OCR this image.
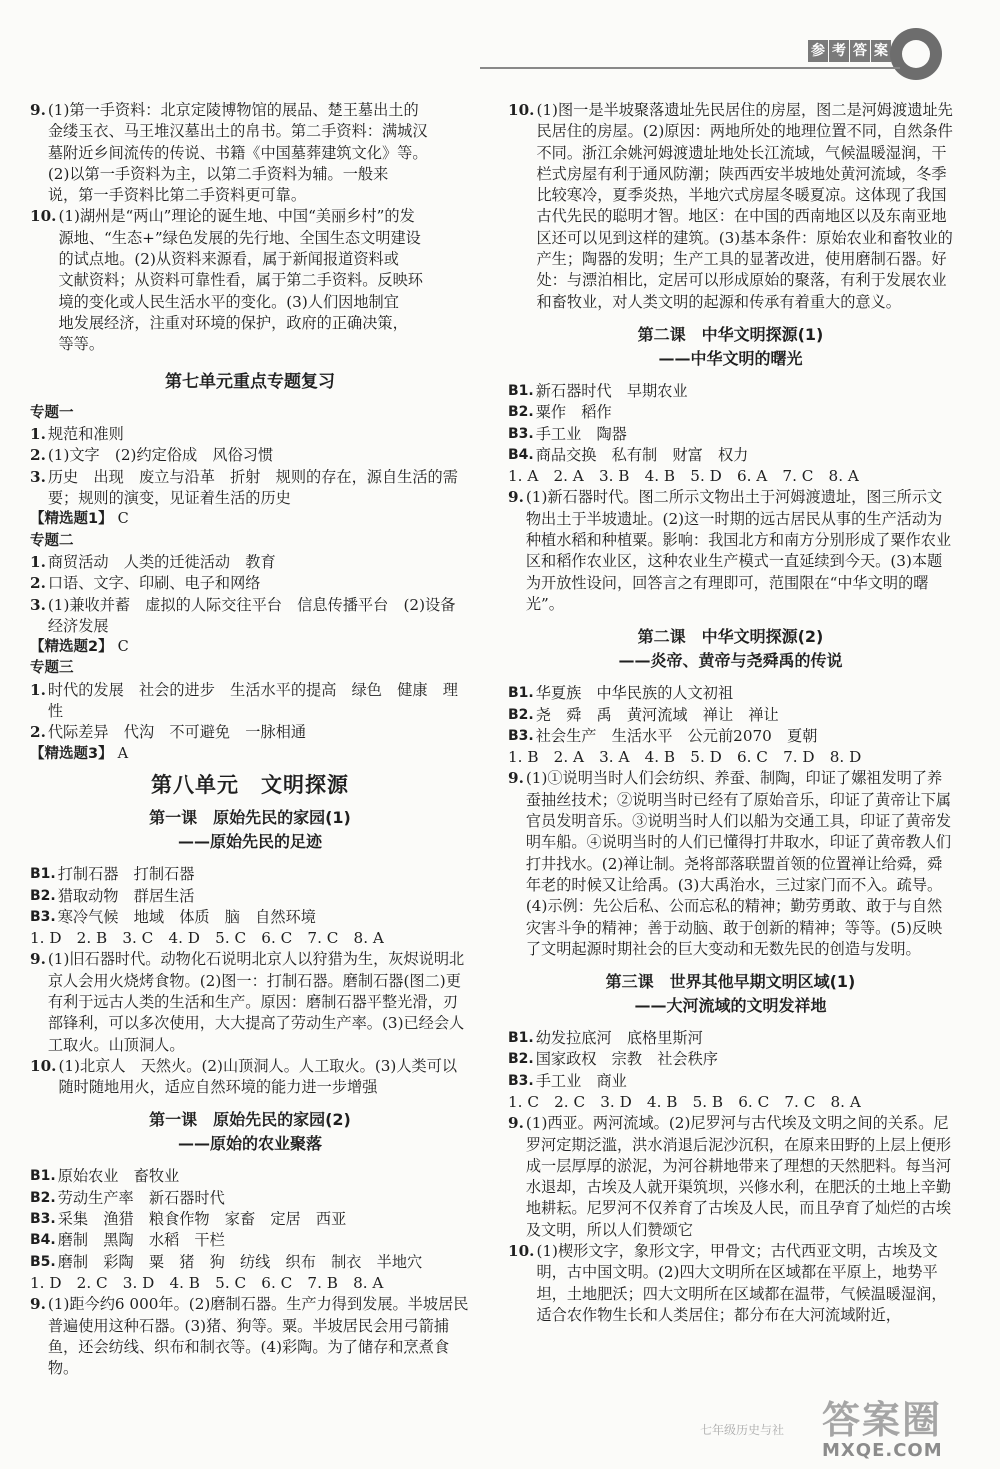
参 考 答 案
9. (1)第一手资料：北京定陵博物馆的展品、楚王墓出土的
金缕玉衣、马王堆汉墓出土的帛书。第二手资料：满城汉
墓附近乡间流传的传说、书籍《中国墓葬建筑文化》等。
(2)以第一手资料为主，以第二手资料为辅。一般来
说，第一手资料比第二手资料更可靠。
10. (1)湖州是“两山”理论的诞生地、中国“美丽乡村”的发
源地、“生态+”绿色发展的先行地、全国生态文明建设
的试点地。(2)从资料来源看，属于新闻报道资料或
文献资料；从资料可靠性看，属于第二手资料。反映环
境的变化或人民生活水平的变化。(3)人们因地制宜
地发展经济，注重对环境的保护，政府的正确决策，
等等。
第七单元重点专题复习
专题一
1. 规范和准则
2. (1)文字　(2)约定俗成　风俗习惯
3. 历史　出现　废立与沿革　折射　规则的存在，源自生活的需要；规则的演变，见证着生活的历史
【精选题1】 C
专题二
1. 商贸活动　人类的迁徙活动　教育
2. 口语、文字、印刷、电子和网络
3. (1)兼收并蓄　虚拟的人际交往平台　信息传播平台　(2)设备　经济发展
【精选题2】 C
专题三
1. 时代的发展　社会的进步　生活水平的提高　绿色　健康　理性
2. 代际差异　代沟　不可避免　一脉相通
【精选题3】 A
第八单元　文明探源
第一课　原始先民的家园(1)
——原始先民的足迹
B1. 打制石器　打制石器
B2. 猎取动物　群居生活
B3. 寒冷气候　地域　体质　脑　自然环境
1. D　2. B　3. C　4. D　5. C　6. C　7. C　8. A
9. (1)旧石器时代。动物化石说明北京人以狩猎为生，灰烬说明北京人会用火烧烤食物。(2)图一：打制石器。磨制石器(图二)更有利于远古人类的生活和生产。原因：磨制石器平整光滑，刃部锋利，可以多次使用，大大提高了劳动生产率。(3)已经会人工取火。山顶洞人。
10. (1)北京人　天然火。(2)山顶洞人。人工取火。(3)人类可以随时随地用火，适应自然环境的能力进一步增强
第一课　原始先民的家园(2)
——原始的农业聚落
B1. 原始农业　畜牧业
B2. 劳动生产率　新石器时代
B3. 采集　渔猎　粮食作物　家畜　定居　西亚
B4. 磨制　黑陶　水稻　干栏
B5. 磨制　彩陶　粟　猪　狗　纺线　织布　制衣　半地穴
1. D　2. C　3. D　4. B　5. C　6. C　7. B　8. A
9. (1)距今约6 000年。(2)磨制石器。生产力得到发展。半坡居民普遍使用这种石器。(3)猪、狗等。粟。半坡居民会用弓箭捕鱼，还会纺线、织布和制衣等。(4)彩陶。为了储存和烹煮食物。
10. (1)图一是半坡聚落遗址先民居住的房屋，图二是河姆渡遗址先民居住的房屋。(2)原因：两地所处的地理位置不同，自然条件不同。浙江余姚河姆渡遗址地处长江流域，气候温暖湿润，干栏式房屋有利于通风防潮；陕西西安半坡地处黄河流域，冬季比较寒冷，夏季炎热，半地穴式房屋冬暖夏凉。这体现了我国古代先民的聪明才智。地区：在中国的西南地区以及东南亚地区还可以见到这样的建筑。(3)基本条件：原始农业和畜牧业的产生；陶器的发明；生产工具的显著改进，使用磨制石器。好处：与漂泊相比，定居可以形成原始的聚落，有利于发展农业和畜牧业，对人类文明的起源和传承有着重大的意义。
第二课　中华文明探源(1)
——中华文明的曙光
B1. 新石器时代　早期农业
B2. 粟作　稻作
B3. 手工业　陶器
B4. 商品交换　私有制　财富　权力
1. A　2. A　3. B　4. B　5. D　6. A　7. C　8. A
9. (1)新石器时代。图二所示文物出土于河姆渡遗址，图三所示文物出土于半坡遗址。(2)这一时期的远古居民从事的生产活动为种植水稻和种植粟。影响：我国北方和南方分别形成了粟作农业区和稻作农业区，这种农业生产模式一直延续到今天。(3)本题为开放性设问，回答言之有理即可，范围限在“中华文明的曙光”。
第二课　中华文明探源(2)
——炎帝、黄帝与尧舜禹的传说
B1. 华夏族　中华民族的人文初祖
B2. 尧　舜　禹　黄河流域　禅让　禅让
B3. 社会生产　生活水平　公元前2070　夏朝
1. B　2. A　3. A　4. B　5. D　6. C　7. D　8. D
9. (1)①说明当时人们会纺织、养蚕、制陶，印证了嫘祖发明了养蚕抽丝技术；②说明当时已经有了原始音乐，印证了黄帝让下属官员发明音乐。③说明当时人们以船为交通工具，印证了黄帝发明车船。④说明当时的人们已懂得打井取水，印证了黄帝教人们打井找水。(2)禅让制。尧将部落联盟首领的位置禅让给舜，舜年老的时候又让给禹。(3)大禹治水，三过家门而不入。疏导。(4)示例：先公后私、公而忘私的精神；勤劳勇敢、敢于与自然灾害斗争的精神；善于动脑、敢于创新的精神；等等。(5)反映了文明起源时期社会的巨大变动和无数先民的创造与发明。
第三课　世界其他早期文明区域(1)
——大河流域的文明发祥地
B1. 幼发拉底河　底格里斯河
B2. 国家政权　宗教　社会秩序
B3. 手工业　商业
1. C　2. C　3. D　4. B　5. B　6. C　7. C　8. A
9. (1)西亚。两河流域。(2)尼罗河与古代埃及文明之间的关系。尼罗河定期泛滥，洪水消退后泥沙沉积，在原来田野的上层上便形成一层厚厚的淤泥，为河谷耕地带来了理想的天然肥料。每当河水退却，古埃及人就开渠筑坝，兴修水利，在肥沃的土地上辛勤地耕耘。尼罗河不仅养育了古埃及人民，而且孕育了灿烂的古埃及文明，所以人们赞颂它
10. (1)楔形文字，象形文字，甲骨文；古代西亚文明，古埃及文明，古中国文明。(2)四大文明所在区域都在平原上，地势平坦，土地肥沃；四大文明所在区域都在温带，气候温暖湿润，适合农作物生长和人类居住；都分布在大河流域附近，
七年级历史与社 答案圈
MXQE.COM
